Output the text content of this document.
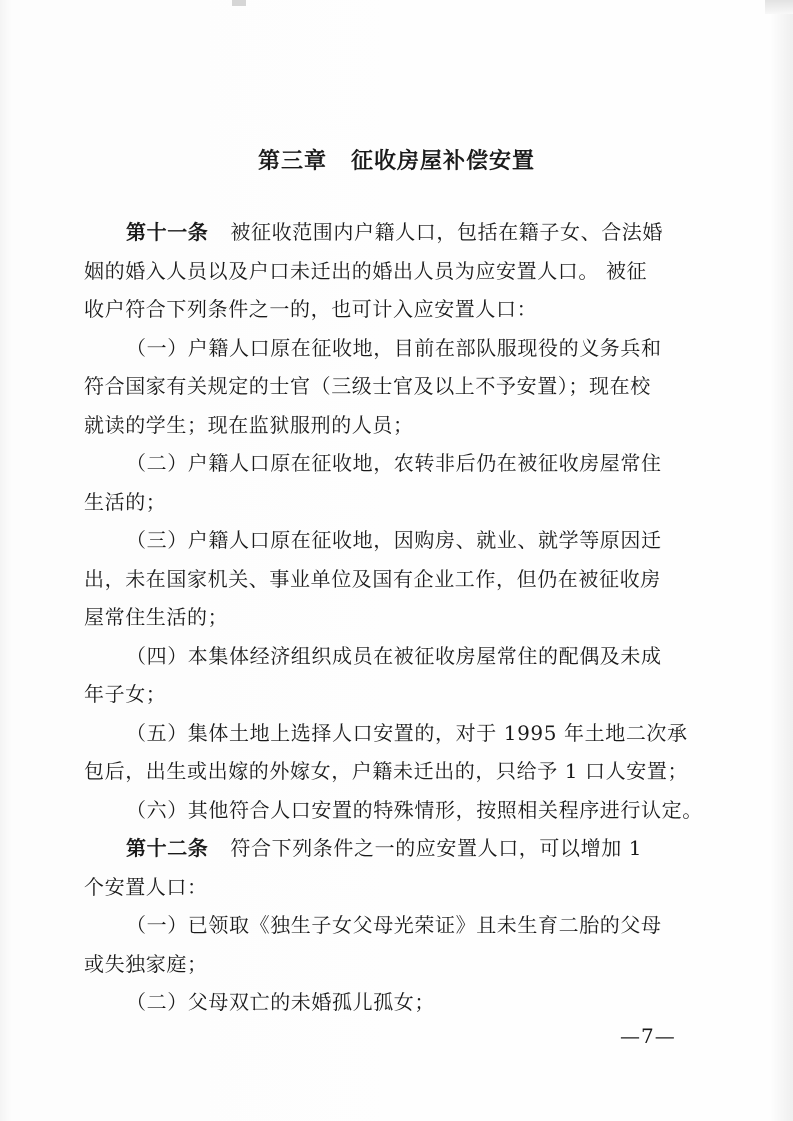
第三章 征收房屋补偿安置
第十一条 被征收范围内户籍人口，包括在籍子女、合法婚
姻的婚入人员以及户口未迁出的婚出人员为应安置人口。 被征
收户符合下列条件之一的，也可计入应安置人口：
（一）户籍人口原在征收地，目前在部队服现役的义务兵和
符合国家有关规定的士官（三级士官及以上不予安置）；现在校
就读的学生；现在监狱服刑的人员；
（二）户籍人口原在征收地，农转非后仍在被征收房屋常住
生活的；
（三）户籍人口原在征收地，因购房、就业、就学等原因迁
出，未在国家机关、事业单位及国有企业工作，但仍在被征收房
屋常住生活的；
（四）本集体经济组织成员在被征收房屋常住的配偶及未成
年子女；
（五）集体土地上选择人口安置的，对于 1995 年土地二次承
包后，出生或出嫁的外嫁女，户籍未迁出的，只给予 1 口人安置；
（六）其他符合人口安置的特殊情形，按照相关程序进行认定。
第十二条 符合下列条件之一的应安置人口，可以增加 1
个安置人口：
（一）已领取《独生子女父母光荣证》且未生育二胎的父母
或失独家庭；
（二）父母双亡的未婚孤儿孤女；
—7—
